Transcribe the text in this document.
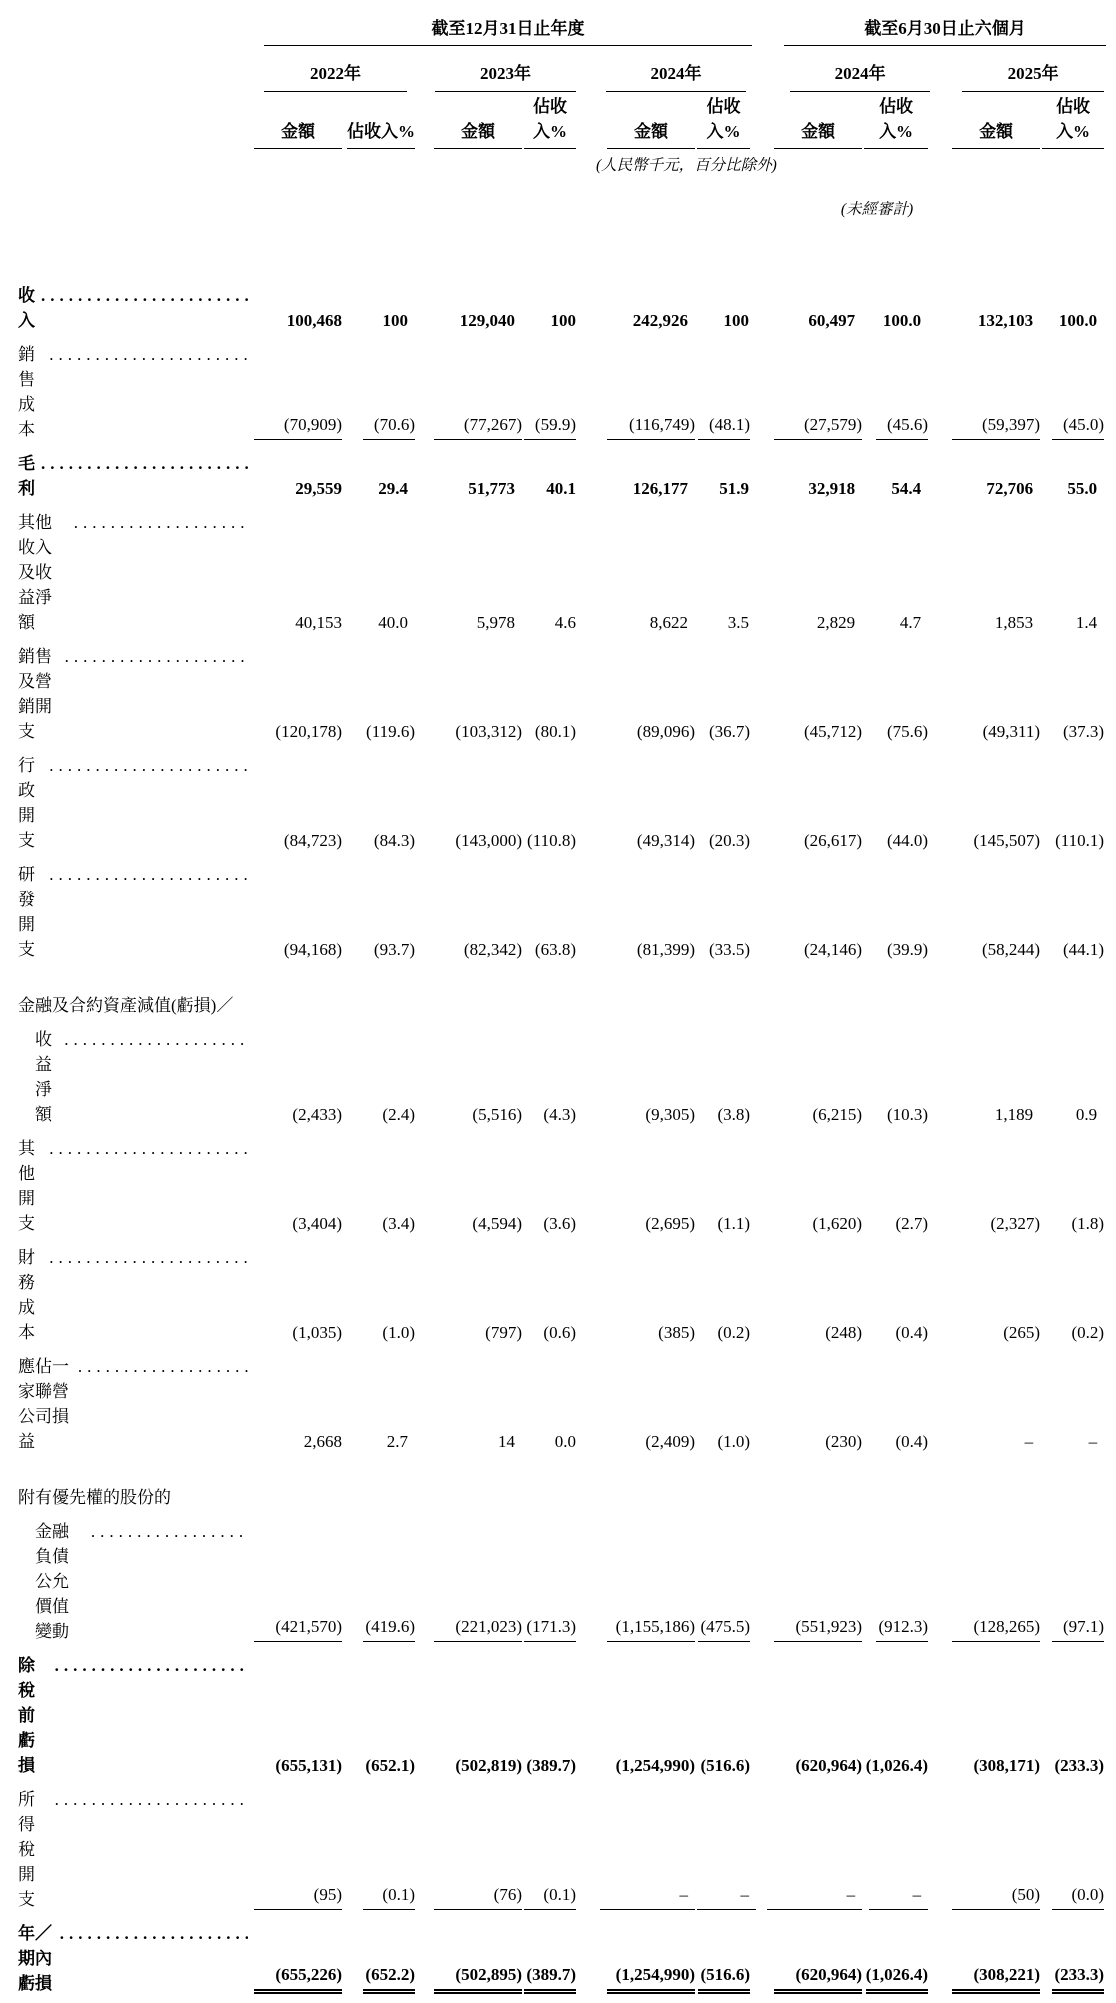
	截至12月31日止年度						截至6月30日止六個月			

	2022年		2023年		2024年		2024年		2025年	

	金額	佔收入%	金額	佔收入%	金額	佔收入%	金額	佔收入%	金額	佔收入%

					(人民幣千元，百分比除外)					

							(未經審計)			

收入
.....	100,468	100	129,040	100	242,926	100	60,497	100.0	132,103	100.0

銷售成本
.....	(70,909)	(70.6)	(77,267)	(59.9)	(116,749)	(48.1)	(27,579)	(45.6)	(59,397)	(45.0)

毛利
.....	29,559	29.4	51,773	40.1	126,177	51.9	32,918	54.4	72,706	55.0

其他收入及收益淨額
.....	40,153	40.0	5,978	4.6	8,622	3.5	2,829	4.7	1,853	1.4

銷售及營銷開支
.....	(120,178)	(119.6)	(103,312)	(80.1)	(89,096)	(36.7)	(45,712)	(75.6)	(49,311)	(37.3)

行政開支
.....	(84,723)	(84.3)	(143,000)	(110.8)	(49,314)	(20.3)	(26,617)	(44.0)	(145,507)	(110.1)

研發開支
.....	(94,168)	(93.7)	(82,342)	(63.8)	(81,399)	(33.5)	(24,146)	(39.9)	(58,244)	(44.1)

金融及合約資產減值(虧損)／										

收益淨額
.....	(2,433)	(2.4)	(5,516)	(4.3)	(9,305)	(3.8)	(6,215)	(10.3)	1,189	0.9

其他開支
.....	(3,404)	(3.4)	(4,594)	(3.6)	(2,695)	(1.1)	(1,620)	(2.7)	(2,327)	(1.8)

財務成本
.....	(1,035)	(1.0)	(797)	(0.6)	(385)	(0.2)	(248)	(0.4)	(265)	(0.2)

應佔一家聯營公司損益
.....	2,668	2.7	14	0.0	(2,409)	(1.0)	(230)	(0.4)	–	–

附有優先權的股份的										

金融負債公允價值變動
.....	(421,570)	(419.6)	(221,023)	(171.3)	(1,155,186)	(475.5)	(551,923)	(912.3)	(128,265)	(97.1)

除稅前虧損
.....	(655,131)	(652.1)	(502,819)	(389.7)	(1,254,990)	(516.6)	(620,964)	(1,026.4)	(308,171)	(233.3)

所得稅開支
.....	(95)	(0.1)	(76)	(0.1)	–	–	–	–	(50)	(0.0)

年／期內虧損
.....	(655,226)	(652.2)	(502,895)	(389.7)	(1,254,990)	(516.6)	(620,964)	(1,026.4)	(308,221)	(233.3)
